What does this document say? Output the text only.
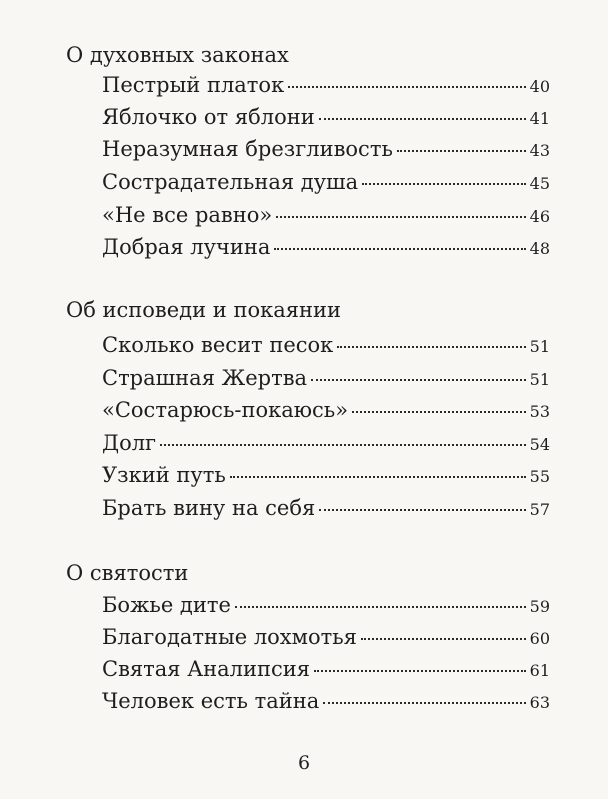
О духовных законах
Пестрый платок	40
Яблочко от яблони	41
Неразумная брезгливость	43
Сострадательная душа	45
«Не все равно»	46
Добрая лучина	48
Об исповеди и покаянии
Сколько весит песок	51
Страшная Жертва	51
«Состарюсь-покаюсь»	53
Долг	54
Узкий путь	55
Брать вину на себя	57
О святости
Божье дите	59
Благодатные лохмотья	60
Святая Аналипсия	61
Человек есть тайна	63
6
